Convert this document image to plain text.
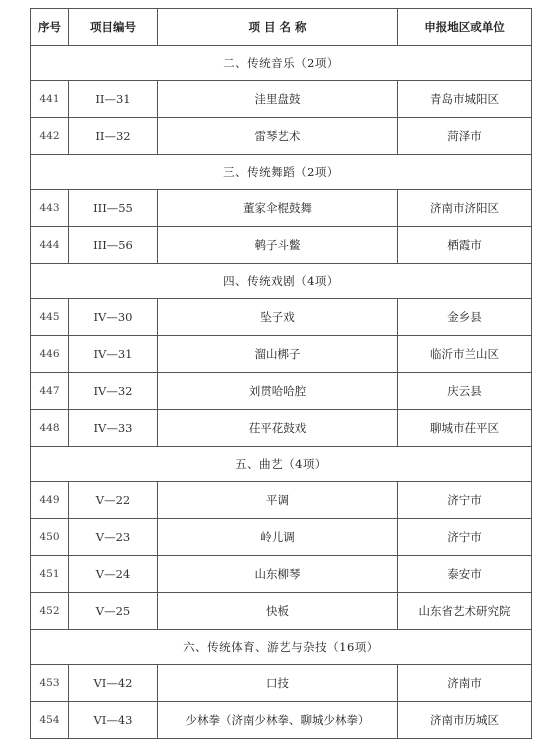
序号	项目编号	项 目 名 称	申报地区或单位
二、传统音乐（2项）			
441	II—31	洼里盘鼓	青岛市城阳区
442	II—32	雷琴艺术	菏泽市
三、传统舞蹈（2项）			
443	III—55	董家伞棍鼓舞	济南市济阳区
444	III—56	鹌子斗鳖	栖霞市
四、传统戏剧（4项）			
445	IV—30	坠子戏	金乡县
446	IV—31	溜山梆子	临沂市兰山区
447	IV—32	刘贯哈哈腔	庆云县
448	IV—33	茌平花鼓戏	聊城市茌平区
五、曲艺（4项）			
449	V—22	平调	济宁市
450	V—23	岭儿调	济宁市
451	V—24	山东柳琴	泰安市
452	V—25	快板	山东省艺术研究院
六、传统体育、游艺与杂技（16项）			
453	VI—42	口技	济南市
454	VI—43	少林拳（济南少林拳、聊城少林拳）	济南市历城区
